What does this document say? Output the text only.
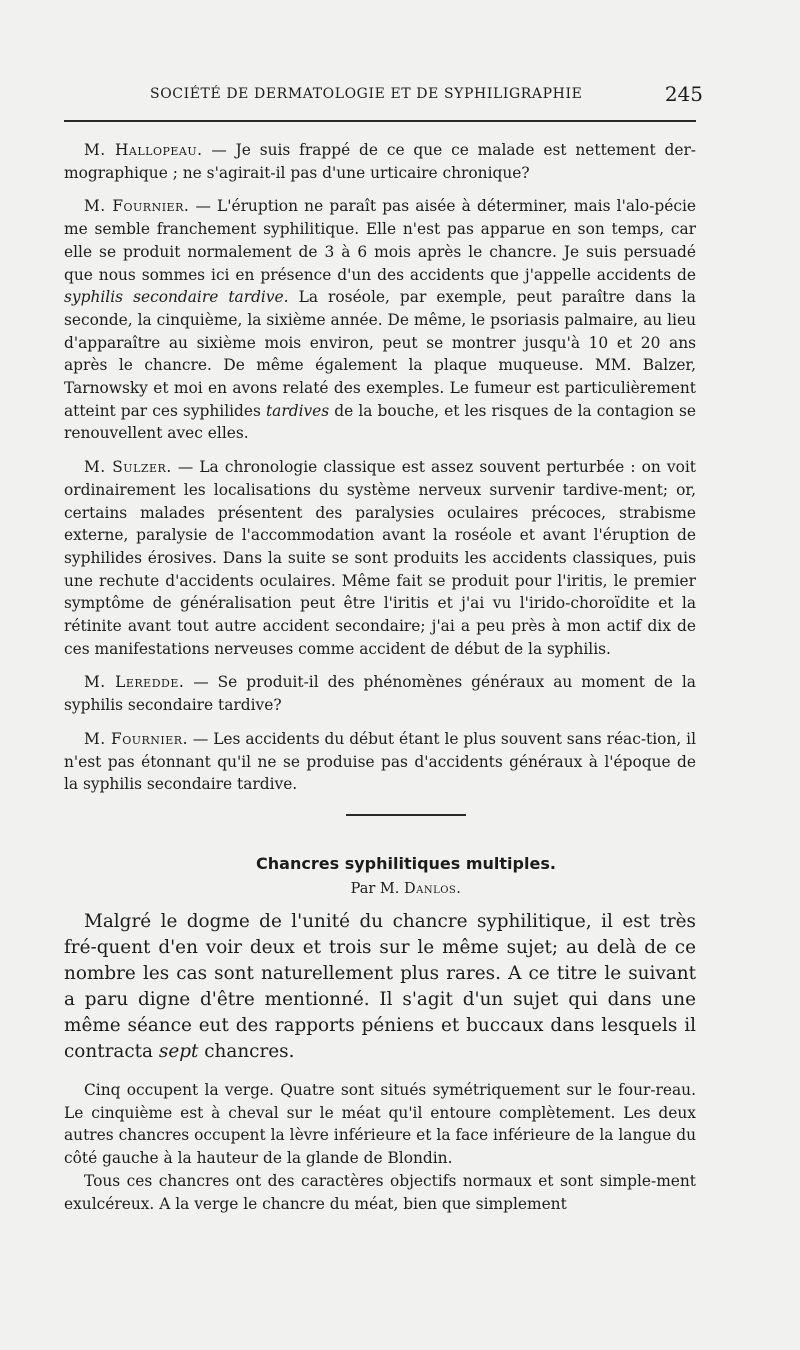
SOCIÉTÉ DE DERMATOLOGIE ET DE SYPHILIGRAPHIE	245

M. Hallopeau. — Je suis frappé de ce que ce malade est nettement der-mographique ; ne s'agirait-il pas d'une urticaire chronique?

M. Fournier. — L'éruption ne paraît pas aisée à déterminer, mais l'alo-pécie me semble franchement syphilitique. Elle n'est pas apparue en son temps, car elle se produit normalement de 3 à 6 mois après le chancre. Je suis persuadé que nous sommes ici en présence d'un des accidents que j'appelle accidents de syphilis secondaire tardive. La roséole, par exemple, peut paraître dans la seconde, la cinquième, la sixième année. De même, le psoriasis palmaire, au lieu d'apparaître au sixième mois environ, peut se montrer jusqu'à 10 et 20 ans après le chancre. De même également la plaque muqueuse. MM. Balzer, Tarnowsky et moi en avons relaté des exemples. Le fumeur est particulièrement atteint par ces syphilides tardives de la bouche, et les risques de la contagion se renouvellent avec elles.

M. Sulzer. — La chronologie classique est assez souvent perturbée : on voit ordinairement les localisations du système nerveux survenir tardive-ment; or, certains malades présentent des paralysies oculaires précoces, strabisme externe, paralysie de l'accommodation avant la roséole et avant l'éruption de syphilides érosives. Dans la suite se sont produits les accidents classiques, puis une rechute d'accidents oculaires. Même fait se produit pour l'iritis, le premier symptôme de généralisation peut être l'iritis et j'ai vu l'irido-choroïdite et la rétinite avant tout autre accident secondaire; j'ai a peu près à mon actif dix de ces manifestations nerveuses comme accident de début de la syphilis.

M. Leredde. — Se produit-il des phénomènes généraux au moment de la syphilis secondaire tardive?

M. Fournier. — Les accidents du début étant le plus souvent sans réac-tion, il n'est pas étonnant qu'il ne se produise pas d'accidents généraux à l'époque de la syphilis secondaire tardive.

Chancres syphilitiques multiples.
Par M. Danlos.

Malgré le dogme de l'unité du chancre syphilitique, il est très fré-quent d'en voir deux et trois sur le même sujet; au delà de ce nombre les cas sont naturellement plus rares. A ce titre le suivant a paru digne d'être mentionné. Il s'agit d'un sujet qui dans une même séance eut des rapports péniens et buccaux dans lesquels il contracta sept chancres.

Cinq occupent la verge. Quatre sont situés symétriquement sur le four-reau. Le cinquième est à cheval sur le méat qu'il entoure complètement. Les deux autres chancres occupent la lèvre inférieure et la face inférieure de la langue du côté gauche à la hauteur de la glande de Blondin.

Tous ces chancres ont des caractères objectifs normaux et sont simple-ment exulcéreux. A la verge le chancre du méat, bien que simplement
